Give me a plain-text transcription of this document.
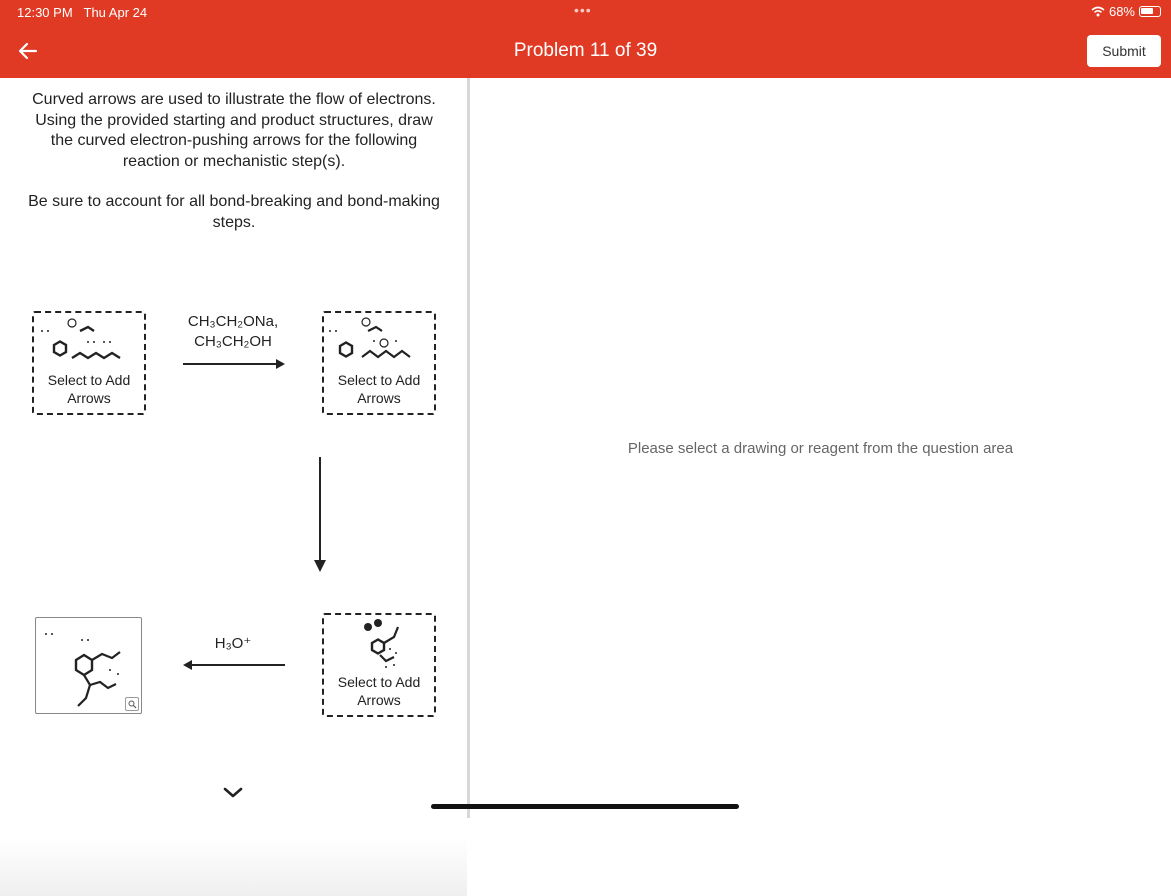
12:30 PM Thu Apr 24	•••	68%
Problem 11 of 39	Submit

Curved arrows are used to illustrate the flow of electrons. Using the provided starting and product structures, draw the curved electron-pushing arrows for the following reaction or mechanistic step(s).

Be sure to account for all bond-breaking and bond-making steps.

Select to Add Arrows
CH₃CH₂ONa,
CH₃CH₂OH
Select to Add Arrows
Select to Add Arrows
H₃O⁺
Please select a drawing or reagent from the question area
